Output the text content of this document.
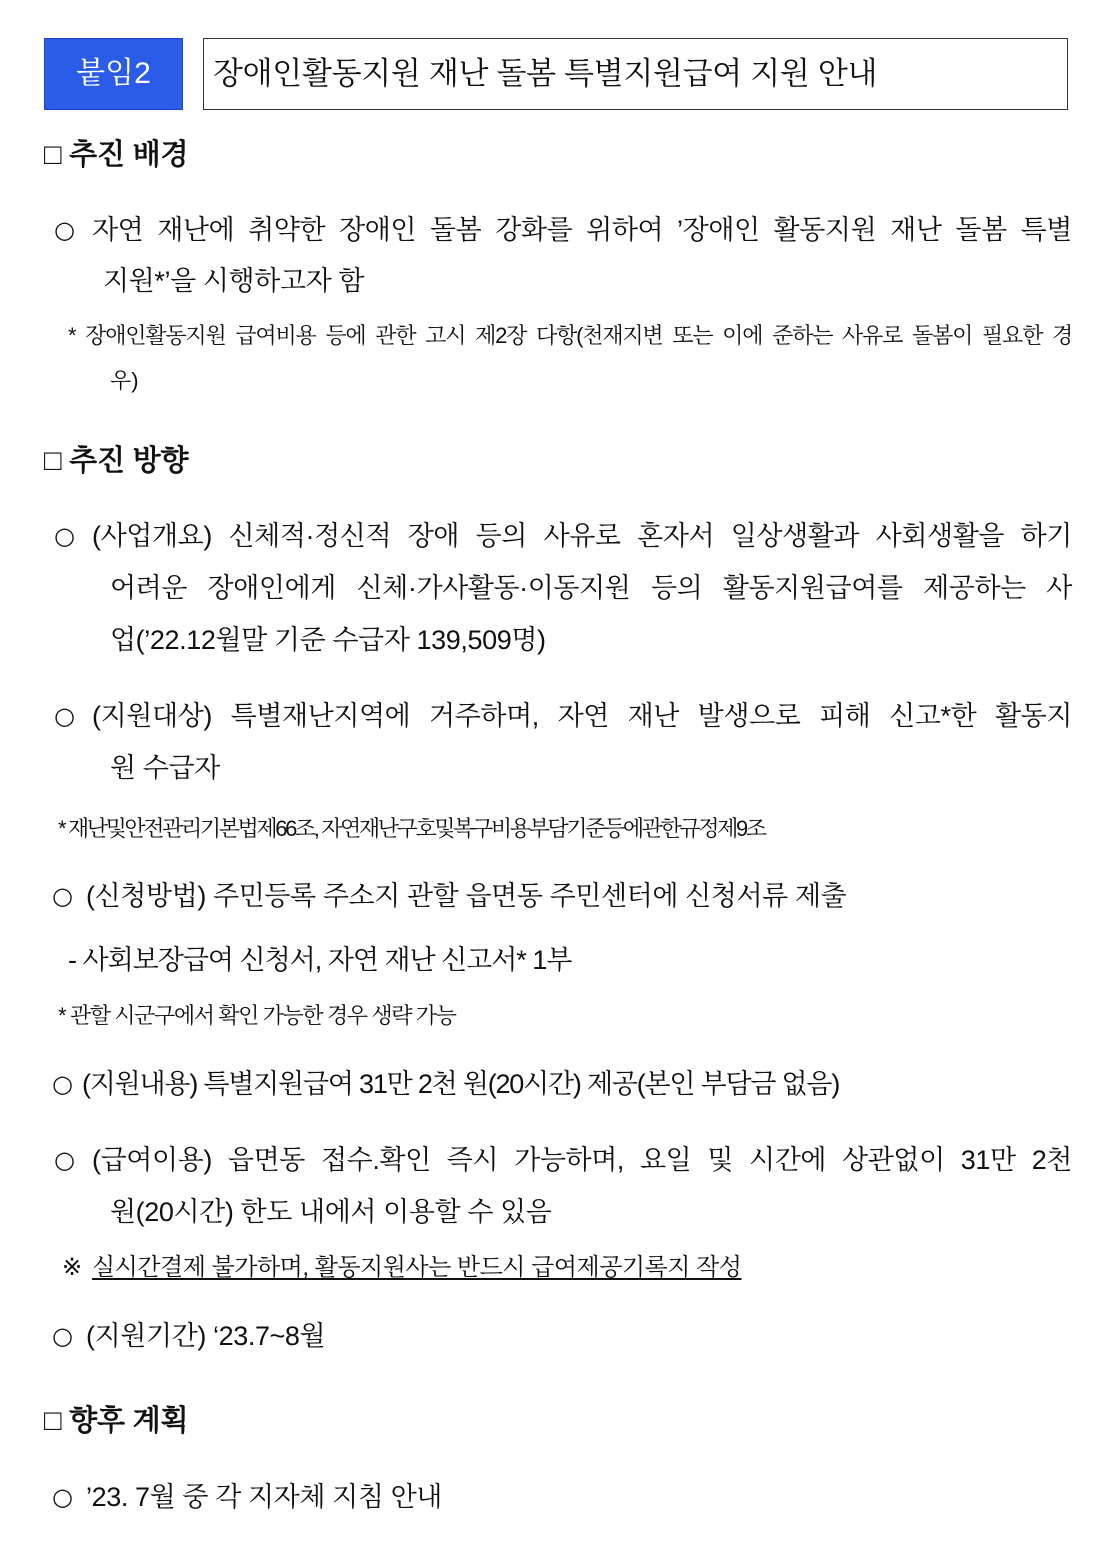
붙임2	장애인활동지원 재난 돌봄 특별지원급여 지원 안내
□ 추진 배경
○ 자연 재난에 취약한 장애인 돌봄 강화를 위하여 ’장애인 활동지원 재난 돌봄 특별
지원*’을 시행하고자 함
* 장애인활동지원 급여비용 등에 관한 고시 제2장 다항(천재지변 또는 이에 준하는 사유로 돌봄이 필요한 경
우)
□ 추진 방향
○ (사업개요) 신체적·정신적 장애 등의 사유로 혼자서 일상생활과 사회생활을 하기
어려운 장애인에게 신체·가사활동·이동지원 등의 활동지원급여를 제공하는 사
업(’22.12월말 기준 수급자 139,509명)
○ (지원대상) 특별재난지역에 거주하며, 자연 재난 발생으로 피해 신고*한 활동지
원 수급자
* 재난및안전관리기본법제66조, 자연재난구호및복구비용부담기준등에관한규정제9조
○ (신청방법) 주민등록 주소지 관할 읍면동 주민센터에 신청서류 제출
- 사회보장급여 신청서, 자연 재난 신고서* 1부
* 관할 시군구에서 확인 가능한 경우 생략 가능
○ (지원내용) 특별지원급여 31만 2천 원(20시간) 제공(본인 부담금 없음)
○ (급여이용) 읍면동 접수.확인 즉시 가능하며, 요일 및 시간에 상관없이 31만 2천
원(20시간) 한도 내에서 이용할 수 있음
※ 실시간결제 불가하며, 활동지원사는 반드시 급여제공기록지 작성
○ (지원기간) ‘23.7~8월
□ 향후 계획
○ ’23. 7월 중 각 지자체 지침 안내
